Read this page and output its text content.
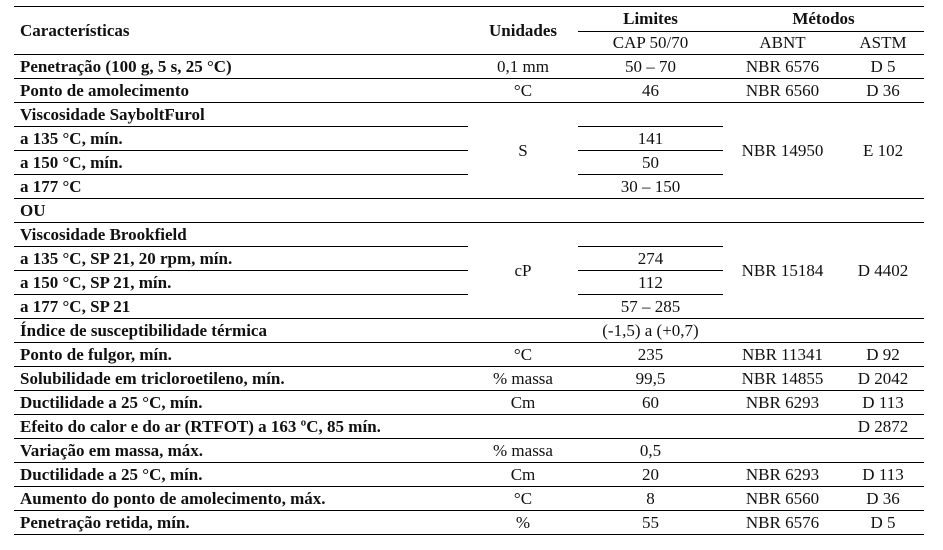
Características	Unidades	Limites	Métodos	
		CAP 50/70	ABNT	ASTM
Penetração (100 g, 5 s, 25 °C)	0,1 mm	50 – 70	NBR 6576	D 5
Ponto de amolecimento	°C	46	NBR 6560	D 36
Viscosidade SayboltFurol	S		NBR 14950	E 102
a 135 °C, mín.		141		
a 150 °C, mín.		50		
a 177 °C		30 – 150		
OU				
Viscosidade Brookfield	cP		NBR 15184	D 4402
a 135 °C, SP 21, 20 rpm, mín.		274		
a 150 °C, SP 21, mín.		112		
a 177 °C, SP 21		57 – 285		
Índice de susceptibilidade térmica		(-1,5) a (+0,7)		
Ponto de fulgor, mín.	°C	235	NBR 11341	D 92
Solubilidade em tricloroetileno, mín.	% massa	99,5	NBR 14855	D 2042
Ductilidade a 25 °C, mín.	Cm	60	NBR 6293	D 113
Efeito do calor e do ar (RTFOT) a 163 ºC, 85 mín.				D 2872
Variação em massa, máx.	% massa	0,5		
Ductilidade a 25 °C, mín.	Cm	20	NBR 6293	D 113
Aumento do ponto de amolecimento, máx.	°C	8	NBR 6560	D 36
Penetração retida, mín.	%	55	NBR 6576	D 5
